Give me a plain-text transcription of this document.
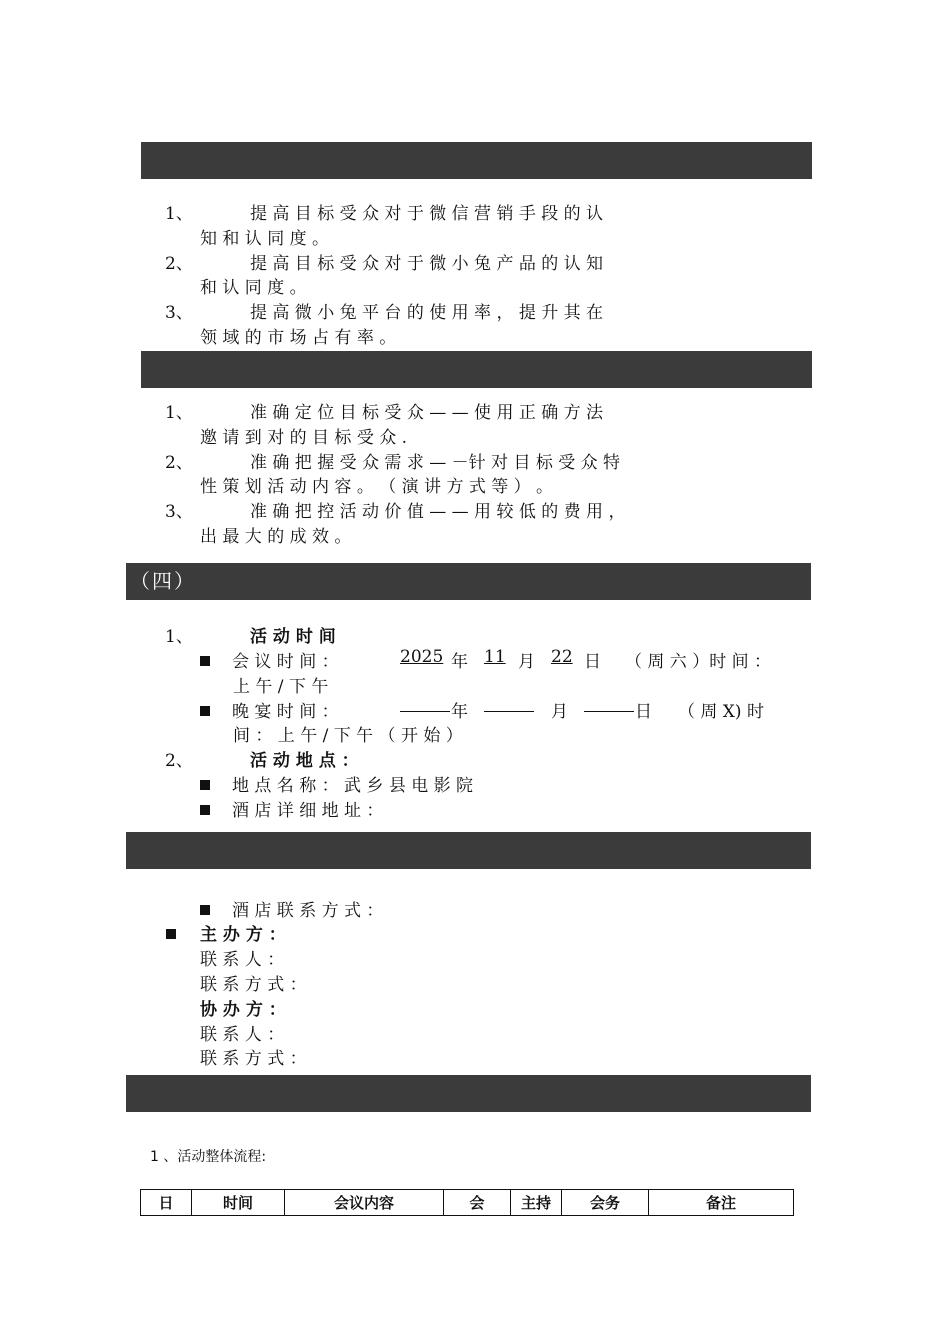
1、	提 高 目 标 受 众 对 于 微 信 营 销 手 段 的 认
知 和 认 同 度 。
2、	提 高 目 标 受 众 对 于 微 小 兔 产 品 的 认 知
和 认 同 度 。
3、	提 高 微 小 兔 平 台 的 使 用 率 ， 提 升 其 在
领 域 的 市 场 占 有 率 。
1、	准 确 定 位 目 标 受 众 — — 使 用 正 确 方 法
邀 请 到 对 的 目 标 受 众 .
2、	准 确 把 握 受 众 需 求 — －针 对 目 标 受 众 特
性 策 划 活 动 内 容 。 （ 演 讲 方 式 等 ） 。
3、	准 确 把 控 活 动 价 值 — — 用 较 低 的 费 用 ，
出 最 大 的 成 效 。
（四）
1、	活 动 时 间
会 议 时 间 ：	2025 年 11 月 22 日 （ 周 六 ）时 间 ：
上 午 / 下 午
晚 宴 时 间 ：	年	月	日 （ 周 X) 时
间 ： 上 午 / 下 午 （ 开 始 ）
2、	活 动 地 点 ：
地 点 名 称 ： 武 乡 县 电 影 院
酒 店 详 细 地 址 ：
酒 店 联 系 方 式 ：
主 办 方 ：
联 系 人 ：
联 系 方 式 ：
协 办 方 ：
联 系 人 ：
联 系 方 式 ：
1 、活动整体流程:
日	时间	会议内容	会	主持	会务	备注
